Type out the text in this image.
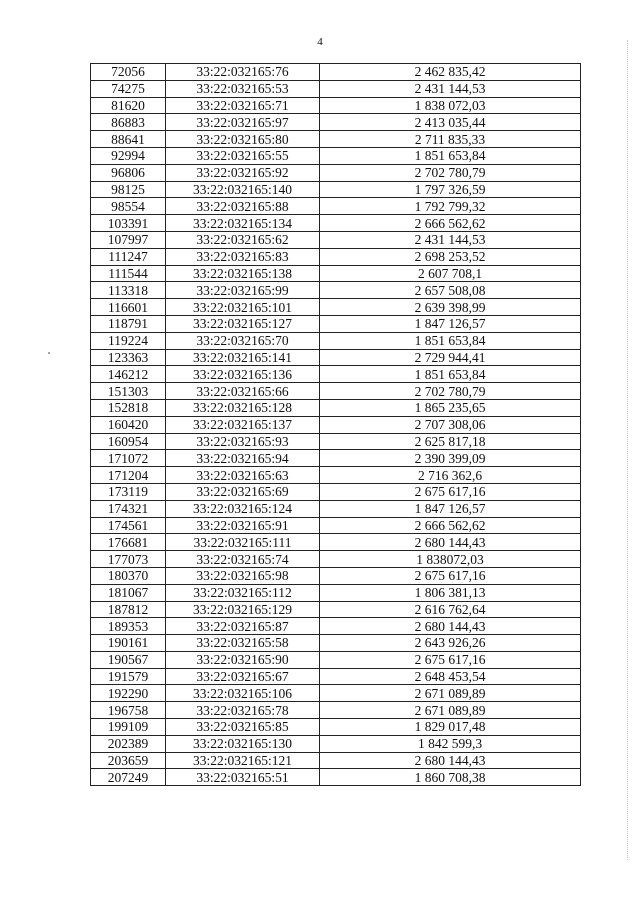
4
72056	33:22:032165:76	2 462 835,42
74275	33:22:032165:53	2 431 144,53
81620	33:22:032165:71	1 838 072,03
86883	33:22:032165:97	2 413 035,44
88641	33:22:032165:80	2 711 835,33
92994	33:22:032165:55	1 851 653,84
96806	33:22:032165:92	2 702 780,79
98125	33:22:032165:140	1 797 326,59
98554	33:22:032165:88	1 792 799,32
103391	33:22:032165:134	2 666 562,62
107997	33:22:032165:62	2 431 144,53
111247	33:22:032165:83	2 698 253,52
111544	33:22:032165:138	2 607 708,1
113318	33:22:032165:99	2 657 508,08
116601	33:22:032165:101	2 639 398,99
118791	33:22:032165:127	1 847 126,57
119224	33:22:032165:70	1 851 653,84
123363	33:22:032165:141	2 729 944,41
146212	33:22:032165:136	1 851 653,84
151303	33:22:032165:66	2 702 780,79
152818	33:22:032165:128	1 865 235,65
160420	33:22:032165:137	2 707 308,06
160954	33:22:032165:93	2 625 817,18
171072	33:22:032165:94	2 390 399,09
171204	33:22:032165:63	2 716 362,6
173119	33:22:032165:69	2 675 617,16
174321	33:22:032165:124	1 847 126,57
174561	33:22:032165:91	2 666 562,62
176681	33:22:032165:111	2 680 144,43
177073	33:22:032165:74	1 838072,03
180370	33:22:032165:98	2 675 617,16
181067	33:22:032165:112	1 806 381,13
187812	33:22:032165:129	2 616 762,64
189353	33:22:032165:87	2 680 144,43
190161	33:22:032165:58	2 643 926,26
190567	33:22:032165:90	2 675 617,16
191579	33:22:032165:67	2 648 453,54
192290	33:22:032165:106	2 671 089,89
196758	33:22:032165:78	2 671 089,89
199109	33:22:032165:85	1 829 017,48
202389	33:22:032165:130	1 842 599,3
203659	33:22:032165:121	2 680 144,43
207249	33:22:032165:51	1 860 708,38
